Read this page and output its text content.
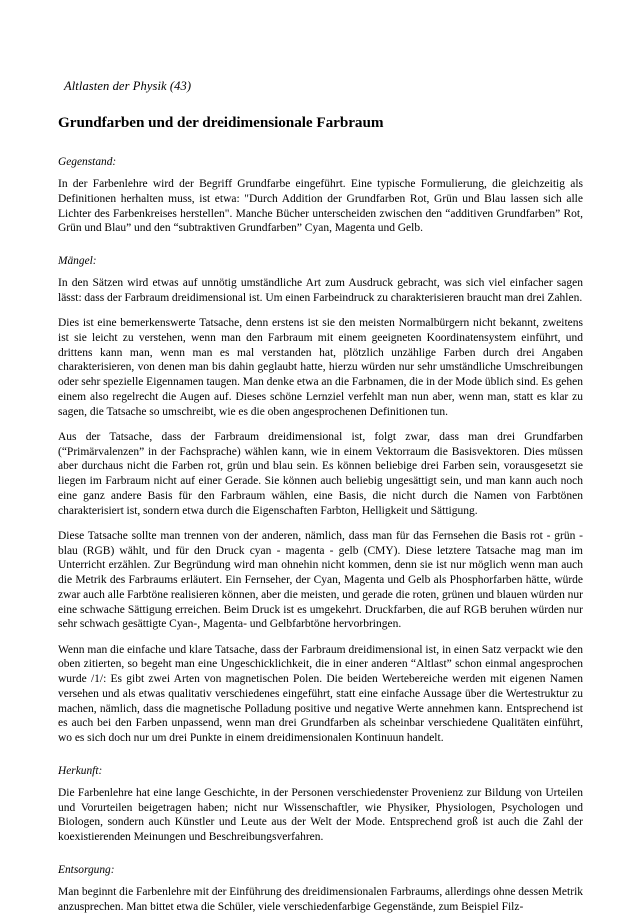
Altlasten der Physik (43)
Grundfarben und der dreidimensionale Farbraum
Gegenstand:

In der Farbenlehre wird der Begriff Grundfarbe eingeführt. Eine typische Formulierung, die gleichzeitig als Definitionen herhalten muss, ist etwa: "Durch Addition der Grundfarben Rot, Grün und Blau lassen sich alle Lichter des Farbenkreises herstellen". Manche Bücher unterscheiden zwischen den “additiven Grundfarben” Rot, Grün und Blau” und den “subtraktiven Grundfarben” Cyan, Magenta und Gelb.

Mängel:

In den Sätzen wird etwas auf unnötig umständliche Art zum Ausdruck gebracht, was sich viel einfacher sagen lässt: dass der Farbraum dreidimensional ist. Um einen Farbeindruck zu charakterisieren braucht man drei Zahlen.

Dies ist eine bemerkenswerte Tatsache, denn erstens ist sie den meisten Normalbürgern nicht bekannt, zweitens ist sie leicht zu verstehen, wenn man den Farbraum mit einem geeigneten Koordinatensystem einführt, und drittens kann man, wenn man es mal verstanden hat, plötzlich unzählige Farben durch drei Angaben charakterisieren, von denen man bis dahin geglaubt hatte, hierzu würden nur sehr umständliche Umschreibungen oder sehr spezielle Eigennamen taugen. Man denke etwa an die Farbnamen, die in der Mode üblich sind. Es gehen einem also regelrecht die Augen auf. Dieses schöne Lernziel verfehlt man nun aber, wenn man, statt es klar zu sagen, die Tatsache so umschreibt, wie es die oben angesprochenen Definitionen tun.

Aus der Tatsache, dass der Farbraum dreidimensional ist, folgt zwar, dass man drei Grundfarben (“Primärvalenzen” in der Fachsprache) wählen kann, wie in einem Vektorraum die Basisvektoren. Dies müssen aber durchaus nicht die Farben rot, grün und blau sein. Es können beliebige drei Farben sein, vorausgesetzt sie liegen im Farbraum nicht auf einer Gerade. Sie können auch beliebig ungesättigt sein, und man kann auch noch eine ganz andere Basis für den Farbraum wählen, eine Basis, die nicht durch die Namen von Farbtönen charakterisiert ist, sondern etwa durch die Eigenschaften Farbton, Helligkeit und Sättigung.

Diese Tatsache sollte man trennen von der anderen, nämlich, dass man für das Fernsehen die Basis rot - grün - blau (RGB) wählt, und für den Druck cyan - magenta - gelb (CMY). Diese letztere Tatsache mag man im Unterricht erzählen. Zur Begründung wird man ohnehin nicht kommen, denn sie ist nur möglich wenn man auch die Metrik des Farbraums erläutert. Ein Fernseher, der Cyan, Magenta und Gelb als Phosphorfarben hätte, würde zwar auch alle Farbtöne realisieren können, aber die meisten, und gerade die roten, grünen und blauen würden nur eine schwache Sättigung erreichen. Beim Druck ist es umgekehrt. Druckfarben, die auf RGB beruhen würden nur sehr schwach gesättigte Cyan-, Magenta- und Gelbfarbtöne hervorbringen.

Wenn man die einfache und klare Tatsache, dass der Farbraum dreidimensional ist, in einen Satz verpackt wie den oben zitierten, so begeht man eine Ungeschicklichkeit, die in einer anderen “Altlast” schon einmal angesprochen wurde /1/: Es gibt zwei Arten von magnetischen Polen. Die beiden Wertebereiche werden mit eigenen Namen versehen und als etwas qualitativ verschiedenes eingeführt, statt eine einfache Aussage über die Wertestruktur zu machen, nämlich, dass die magnetische Polladung positive und negative Werte annehmen kann. Entsprechend ist es auch bei den Farben unpassend, wenn man drei Grundfarben als scheinbar verschiedene Qualitäten einführt, wo es sich doch nur um drei Punkte in einem dreidimensionalen Kontinuun handelt.

Herkunft:

Die Farbenlehre hat eine lange Geschichte, in der Personen verschiedenster Provenienz zur Bildung von Urteilen und Vorurteilen beigetragen haben; nicht nur Wissenschaftler, wie Physiker, Physiologen, Psychologen und Biologen, sondern auch Künstler und Leute aus der Welt der Mode. Entsprechend groß ist auch die Zahl der koexistierenden Meinungen und Beschreibungsverfahren.

Entsorgung:

Man beginnt die Farbenlehre mit der Einführung des dreidimensionalen Farbraums, allerdings ohne dessen Metrik anzusprechen. Man bittet etwa die Schüler, viele verschiedenfarbige Gegenstände, zum Beispiel Filz-
